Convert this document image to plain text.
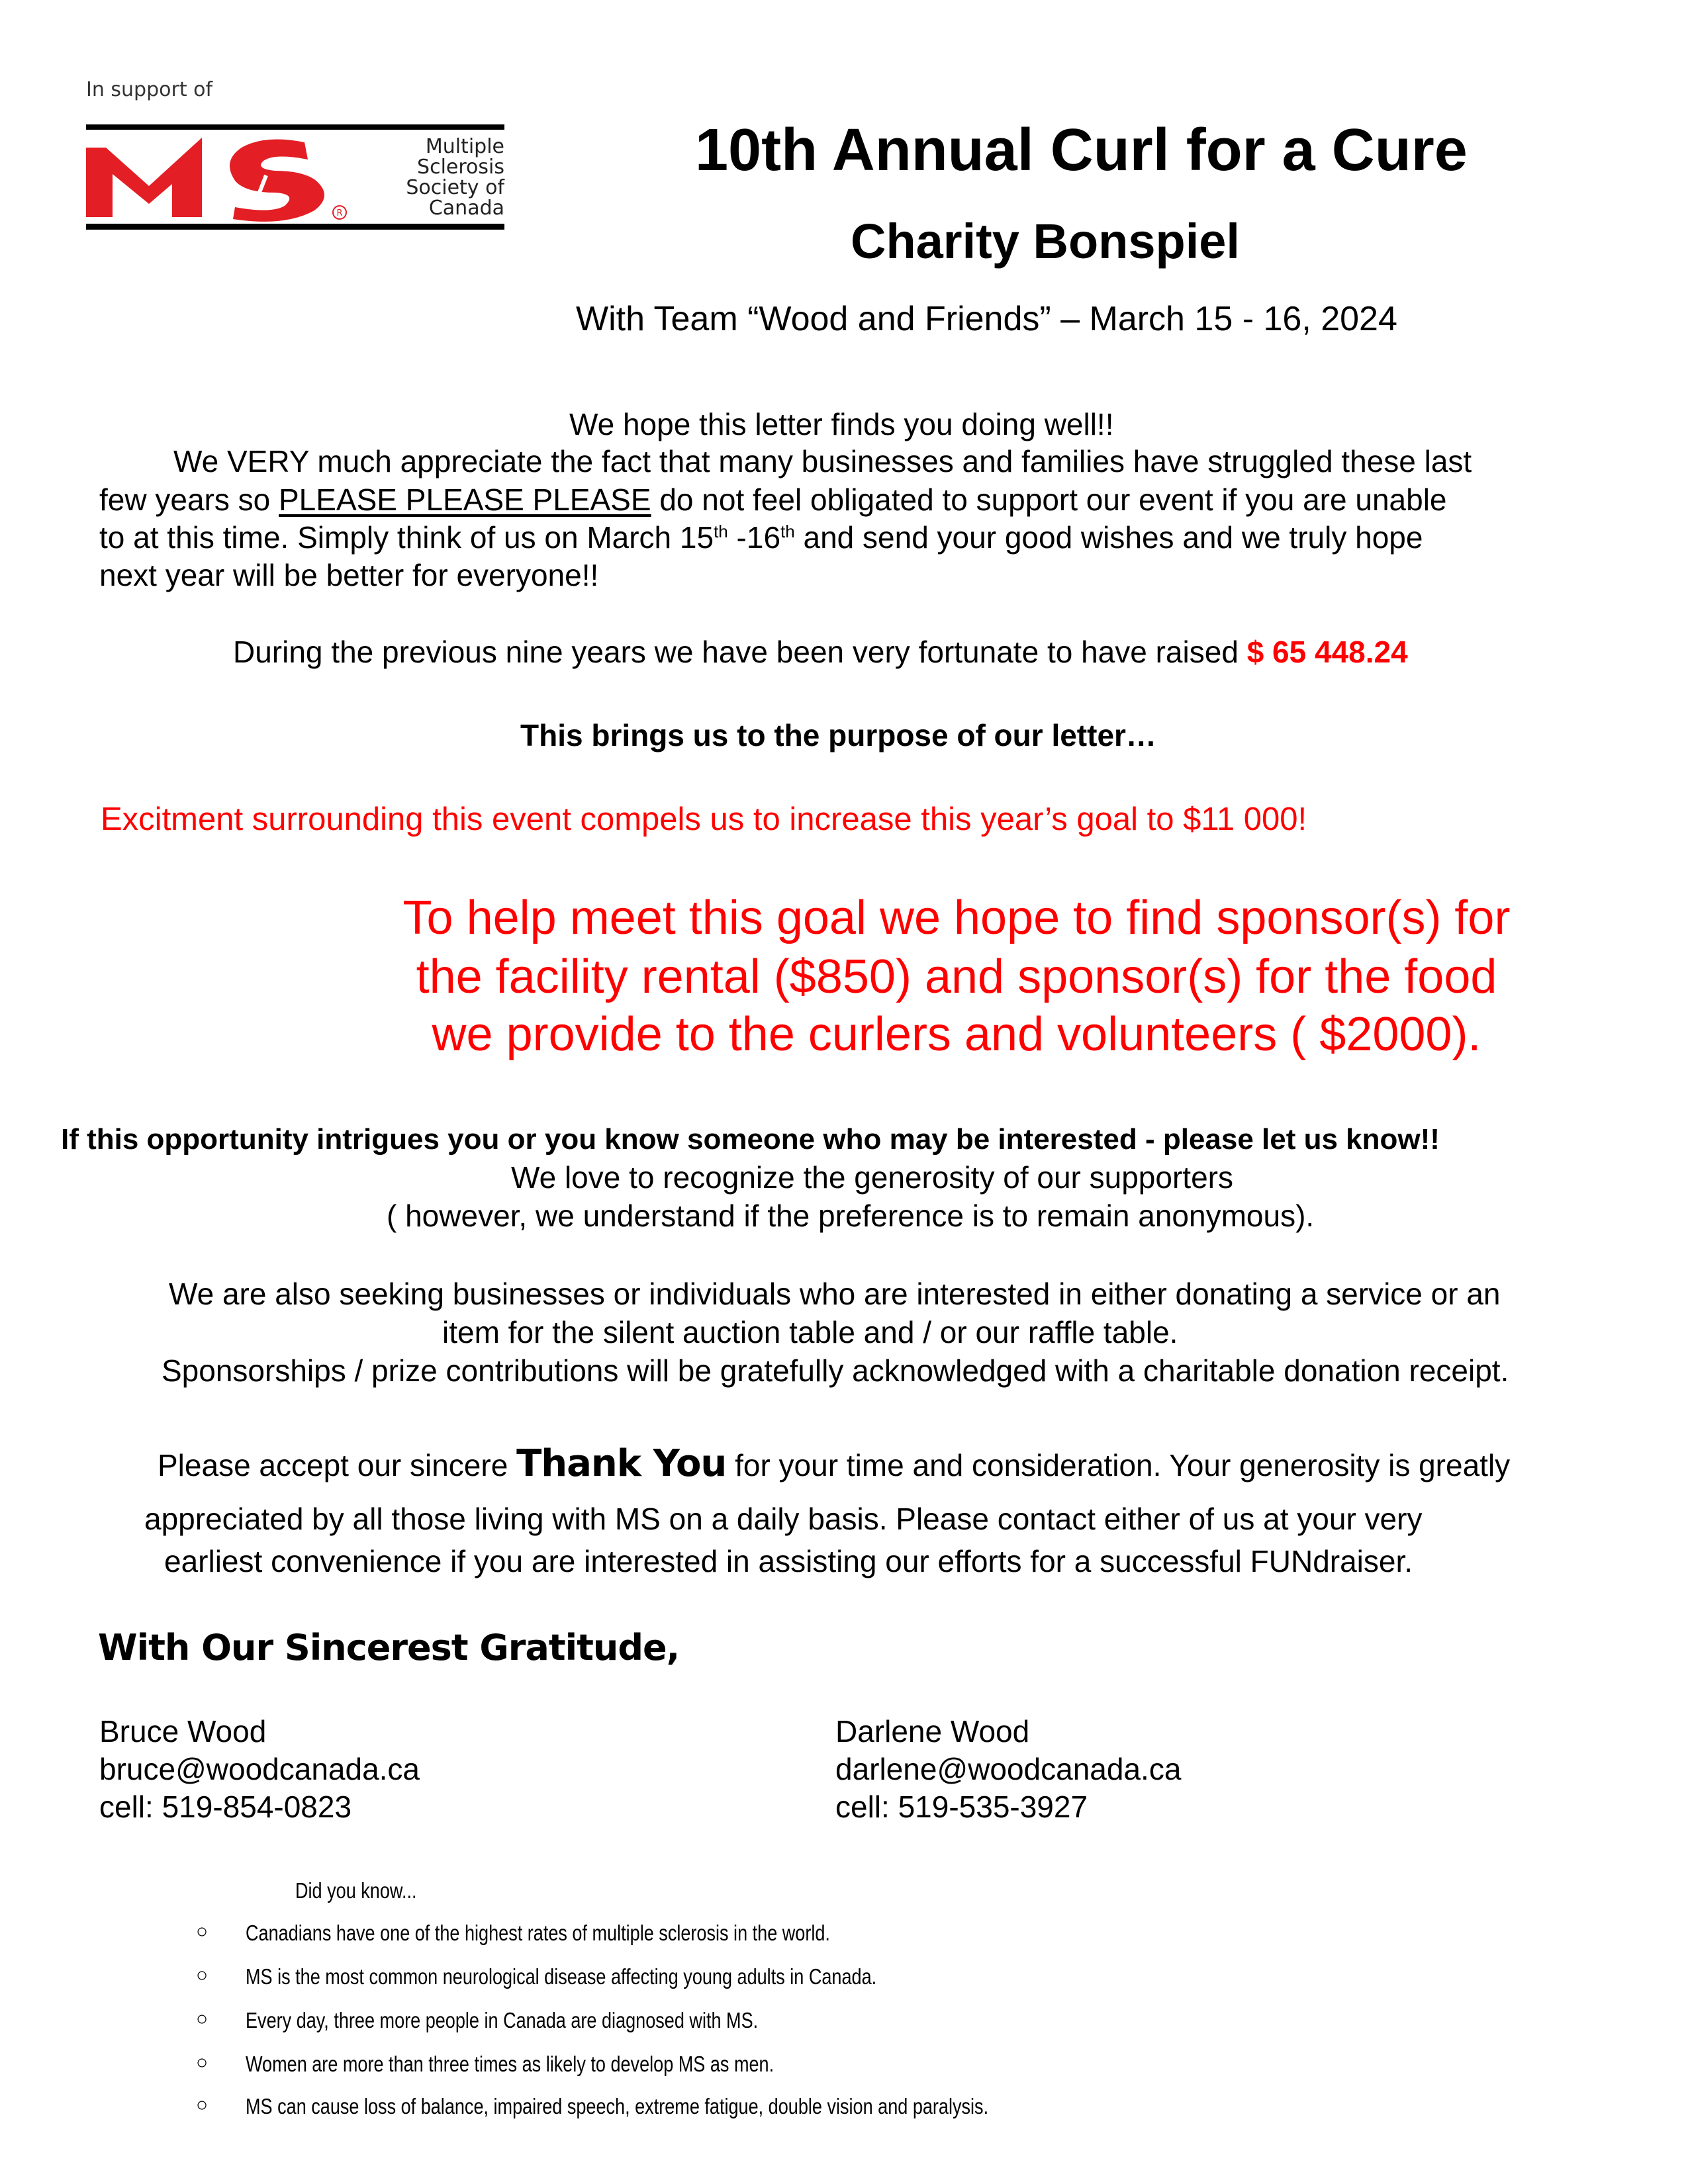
In support of
R
Multiple
Sclerosis
Society of
Canada
10th Annual Curl for a Cure
Charity Bonspiel
With Team “Wood and Friends” – March 15 - 16, 2024
We hope this letter finds you doing well!!
We VERY much appreciate the fact that many businesses and families have struggled these last
few years so PLEASE PLEASE PLEASE do not feel obligated to support our event if you are unable
to at this time. Simply think of us on March 15th -16th and send your good wishes and we truly hope
next year will be better for everyone!!
During the previous nine years we have been very fortunate to have raised $ 65 448.24
This brings us to the purpose of our letter…
Excitment surrounding this event compels us to increase this year’s goal to $11 000!
To help meet this goal we hope to find sponsor(s) for
the facility rental ($850) and sponsor(s) for the food
we provide to the curlers and volunteers ( $2000).
If this opportunity intrigues you or you know someone who may be interested - please let us know!!
We love to recognize the generosity of our supporters
( however, we understand if the preference is to remain anonymous).
We are also seeking businesses or individuals who are interested in either donating a service or an
item for the silent auction table and / or our raffle table.
Sponsorships / prize contributions will be gratefully acknowledged with a charitable donation receipt.
Please accept our sincere Thank You for your time and consideration. Your generosity is greatly
appreciated by all those living with MS on a daily basis. Please contact either of us at your very
earliest convenience if you are interested in assisting our efforts for a successful FUNdraiser.
With Our Sincerest Gratitude,
Bruce Wood
bruce@woodcanada.ca
cell: 519-854-0823
Darlene Wood
darlene@woodcanada.ca
cell: 519-535-3927
Did you know...
○ Canadians have one of the highest rates of multiple sclerosis in the world.
○ MS is the most common neurological disease affecting young adults in Canada.
○ Every day, three more people in Canada are diagnosed with MS.
○ Women are more than three times as likely to develop MS as men.
○ MS can cause loss of balance, impaired speech, extreme fatigue, double vision and paralysis.
